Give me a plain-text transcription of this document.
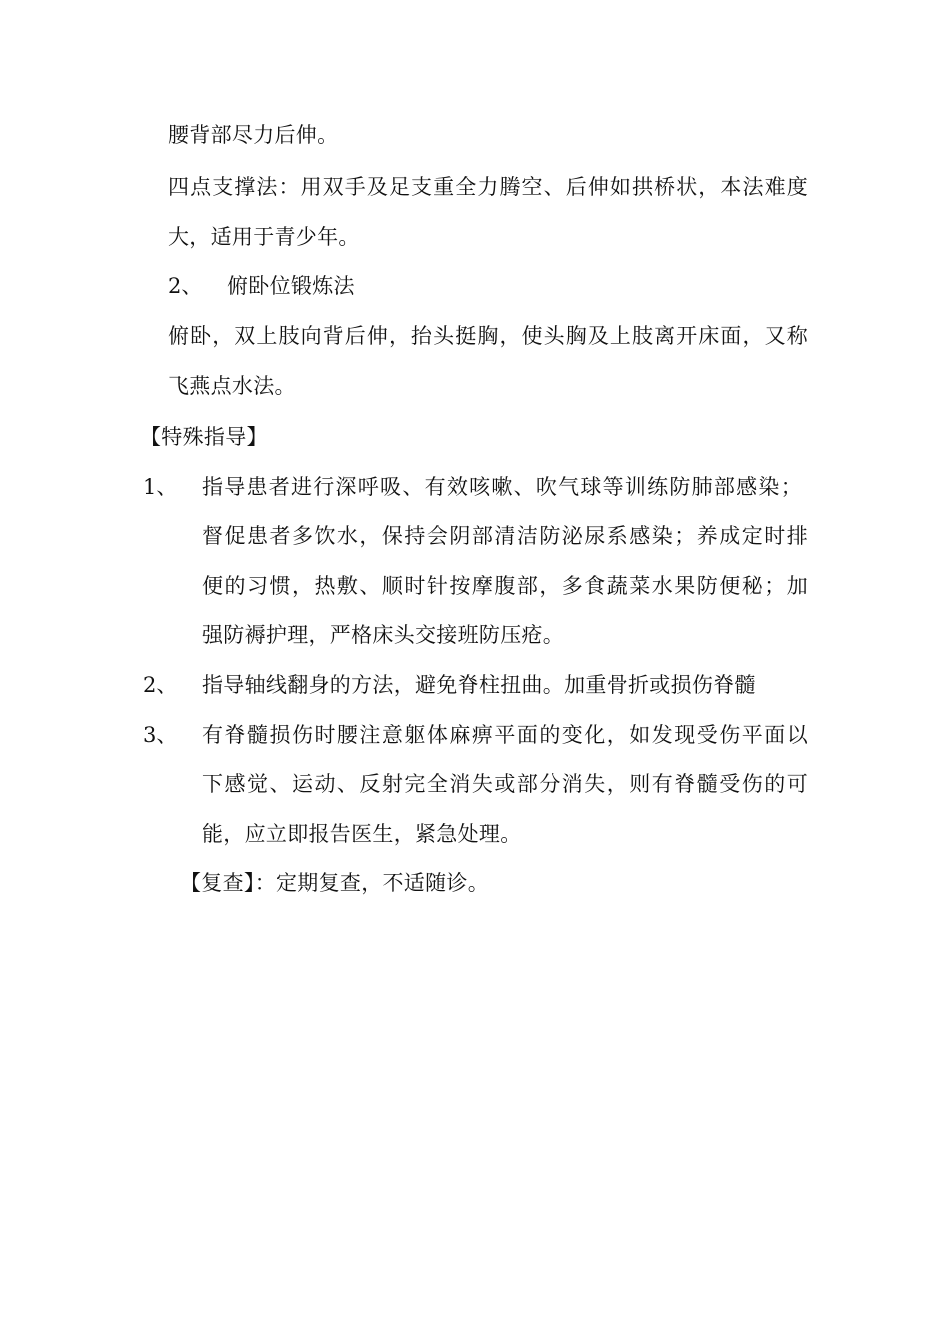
腰背部尽力后伸。
四点支撑法：用双手及足支重全力腾空、后伸如拱桥状，本法难度
大，适用于青少年。
2、 俯卧位锻炼法
俯卧，双上肢向背后伸，抬头挺胸，使头胸及上肢离开床面，又称
飞燕点水法。
【特殊指导】
1、 指导患者进行深呼吸、有效咳嗽、吹气球等训练防肺部感染；
督促患者多饮水，保持会阴部清洁防泌尿系感染；养成定时排
便的习惯，热敷、顺时针按摩腹部，多食蔬菜水果防便秘；加
强防褥护理，严格床头交接班防压疮。
2、 指导轴线翻身的方法，避免脊柱扭曲。加重骨折或损伤脊髓
3、 有脊髓损伤时腰注意躯体麻痹平面的变化，如发现受伤平面以
下感觉、运动、反射完全消失或部分消失，则有脊髓受伤的可
能，应立即报告医生，紧急处理。
【复查】：定期复查，不适随诊。
